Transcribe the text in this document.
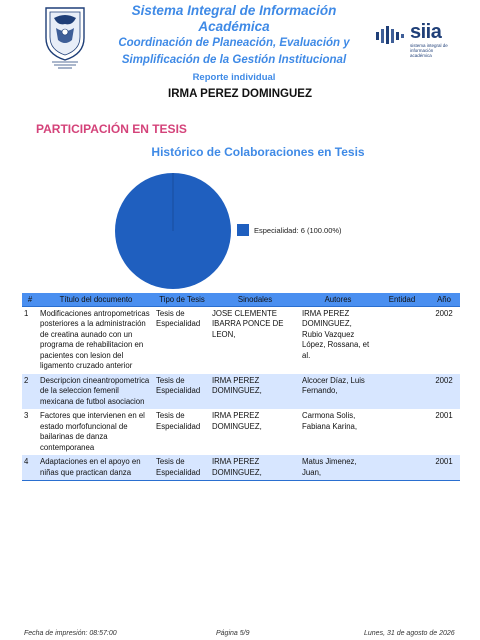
Sistema Integral de Información Académica
Coordinación de Planeación, Evaluación y
Simplificación de la Gestión Institucional
Reporte individual
siia
sistema integral de información académica
IRMA PEREZ DOMINGUEZ
PARTICIPACIÓN EN TESIS
Histórico de Colaboraciones en Tesis
Especialidad: 6 (100.00%)
#	Título del documento	Tipo de Tesis	Sinodales	Autores	Entidad	Año
1	Modificaciones antropometricas posteriores a la administración de creatina aunado con un programa de rehabilitacion en pacientes con lesion del ligamento cruzado anterior	Tesis de Especialidad	JOSE CLEMENTE IBARRA PONCE DE LEON,	IRMA PEREZ DOMINGUEZ, Rubio Vazquez López, Rossana, et al.		2002
2	Descripcion cineantropometrica de la seleccion femenil mexicana de futbol asociacion	Tesis de Especialidad	IRMA PEREZ DOMINGUEZ,	Alcocer Díaz, Luis Fernando,		2002
3	Factores que intervienen en el estado morfofuncional de bailarinas de danza contemporanea	Tesis de Especialidad	IRMA PEREZ DOMINGUEZ,	Carmona Solis, Fabiana Karina,		2001
4	Adaptaciones en el apoyo en niñas que practican danza	Tesis de Especialidad	IRMA PEREZ DOMINGUEZ,	Matus Jimenez, Juan,		2001
Fecha de impresión: 08:57:00	Página 5/9	Lunes, 31 de agosto de 2026
